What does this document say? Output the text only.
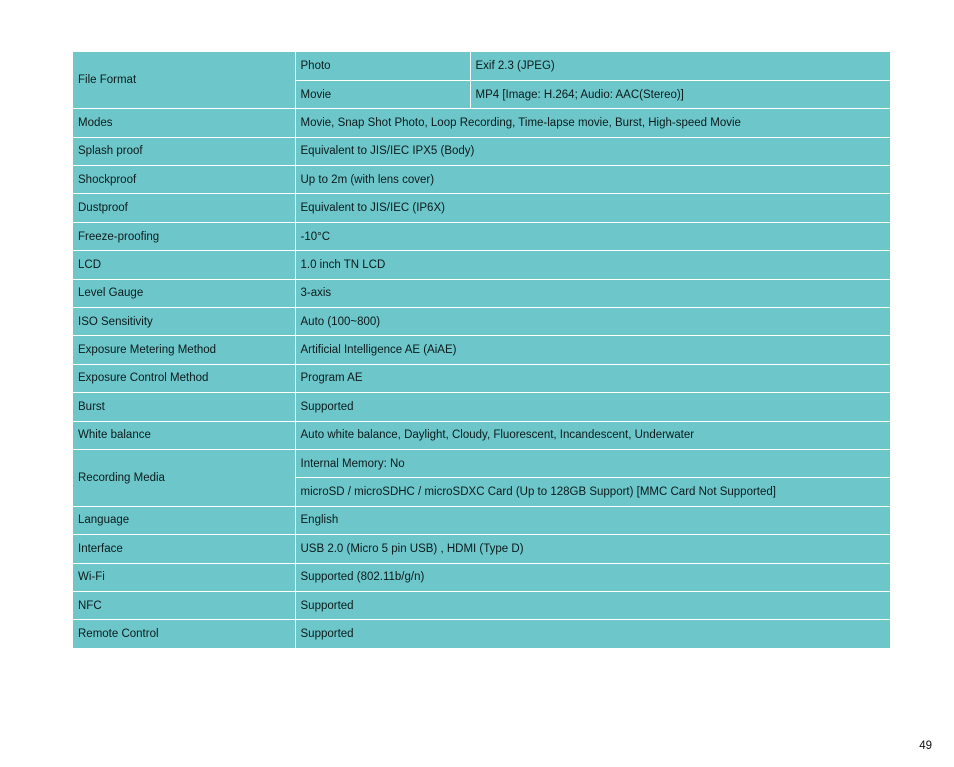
File Format	Photo	Exif 2.3 (JPEG)
	Movie	MP4 [Image: H.264; Audio: AAC(Stereo)]
Modes	Movie, Snap Shot Photo, Loop Recording, Time-lapse movie, Burst, High-speed Movie	
Splash proof	Equivalent to JIS/IEC IPX5 (Body)	
Shockproof	Up to 2m (with lens cover)	
Dustproof	Equivalent to JIS/IEC (IP6X)	
Freeze-proofing	-10°C	
LCD	1.0 inch TN LCD	
Level Gauge	3-axis	
ISO Sensitivity	Auto (100~800)	
Exposure Metering Method	Artificial Intelligence AE (AiAE)	
Exposure Control Method	Program AE	
Burst	Supported	
White balance	Auto white balance, Daylight, Cloudy, Fluorescent, Incandescent, Underwater	
Recording Media	Internal Memory: No	
	microSD / microSDHC / microSDXC Card (Up to 128GB Support) [MMC Card Not Supported]	
Language	English	
Interface	USB 2.0 (Micro 5 pin USB) , HDMI (Type D)	
Wi-Fi	Supported (802.11b/g/n)	
NFC	Supported	
Remote Control	Supported	
49
